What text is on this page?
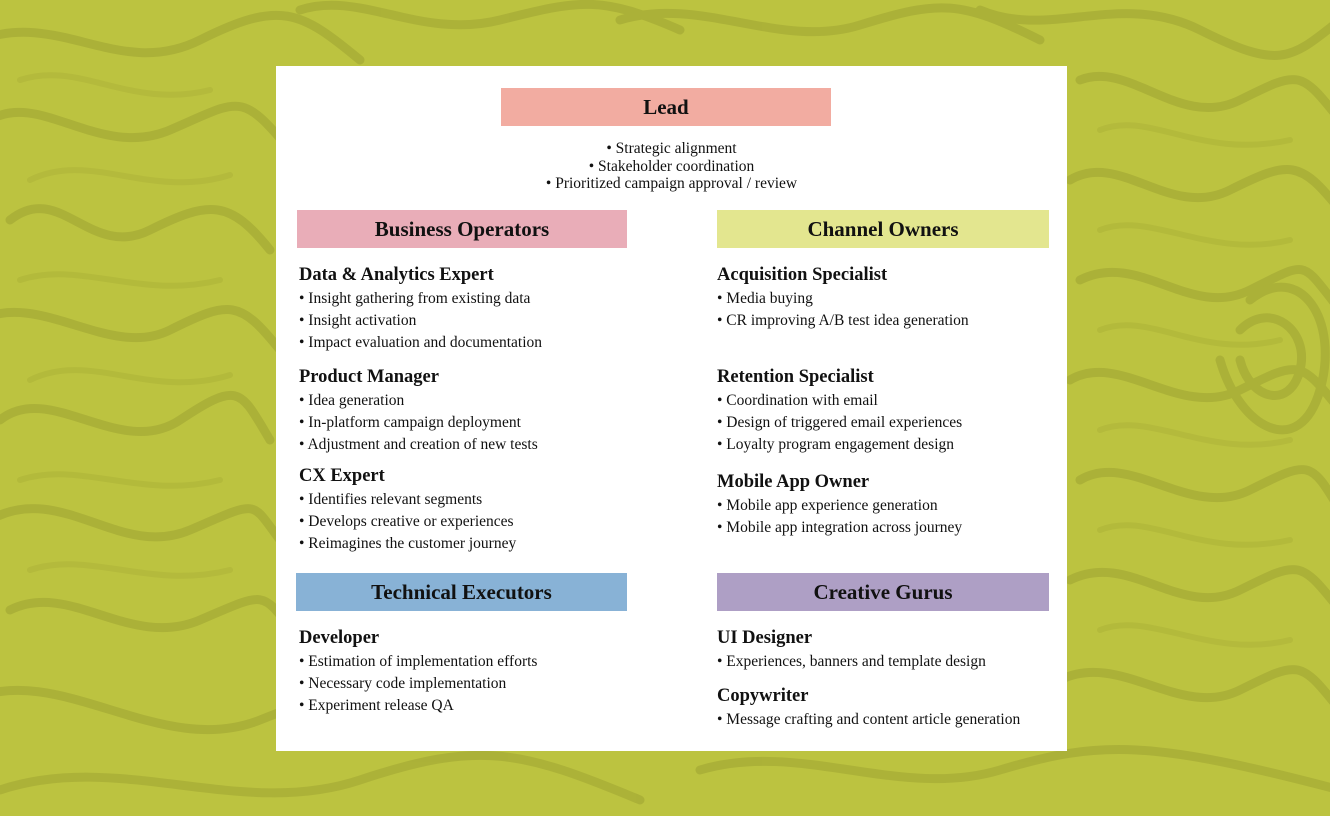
Lead
• Strategic alignment
• Stakeholder coordination
• Prioritized campaign approval / review
Business Operators
Data & Analytics Expert
• Insight gathering from existing data
• Insight activation
• Impact evaluation and documentation
Product Manager
• Idea generation
• In-platform campaign deployment
• Adjustment and creation of new tests
CX Expert
• Identifies relevant segments
• Develops creative or experiences
• Reimagines the customer journey
Channel Owners
Acquisition Specialist
• Media buying
• CR improving A/B test idea generation
Retention Specialist
• Coordination with email
• Design of triggered email experiences
• Loyalty program engagement design
Mobile App Owner
• Mobile app experience generation
• Mobile app integration across journey
Technical Executors
Developer
• Estimation of implementation efforts
• Necessary code implementation
• Experiment release QA
Creative Gurus
UI Designer
• Experiences, banners and template design
Copywriter
• Message crafting and content article generation
